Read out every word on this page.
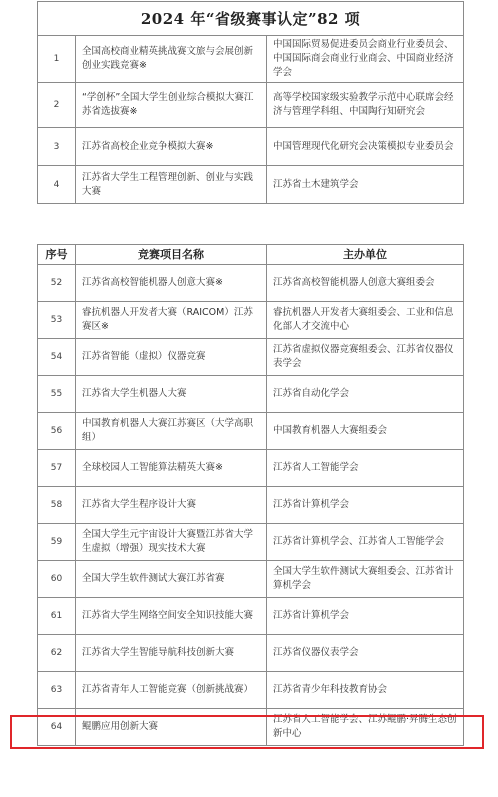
2024 年“省级赛事认定”82 项		
1	全国高校商业精英挑战赛文旅与会展创新创业实践竞赛※	中国国际贸易促进委员会商业行业委员会、中国国际商会商业行业商会、中国商业经济学会
2	“学创杯”全国大学生创业综合模拟大赛江苏省选拔赛※	高等学校国家级实验教学示范中心联席会经济与管理学科组、中国陶行知研究会
3	江苏省高校企业竞争模拟大赛※	中国管理现代化研究会决策模拟专业委员会
4	江苏省大学生工程管理创新、创业与实践大赛	江苏省土木建筑学会
序号	竞赛项目名称	主办单位
52	江苏省高校智能机器人创意大赛※	江苏省高校智能机器人创意大赛组委会
53	睿抗机器人开发者大赛（RAICOM）江苏赛区※	睿抗机器人开发者大赛组委会、工业和信息化部人才交流中心
54	江苏省智能（虚拟）仪器竞赛	江苏省虚拟仪器竞赛组委会、江苏省仪器仪表学会
55	江苏省大学生机器人大赛	江苏省自动化学会
56	中国教育机器人大赛江苏赛区（大学高职组）	中国教育机器人大赛组委会
57	全球校园人工智能算法精英大赛※	江苏省人工智能学会
58	江苏省大学生程序设计大赛	江苏省计算机学会
59	全国大学生元宇宙设计大赛暨江苏省大学生虚拟（增强）现实技术大赛	江苏省计算机学会、江苏省人工智能学会
60	全国大学生软件测试大赛江苏省赛	全国大学生软件测试大赛组委会、江苏省计算机学会
61	江苏省大学生网络空间安全知识技能大赛	江苏省计算机学会
62	江苏省大学生智能导航科技创新大赛	江苏省仪器仪表学会
63	江苏省青年人工智能竞赛（创新挑战赛）	江苏省青少年科技教育协会
64	鲲鹏应用创新大赛	江苏省人工智能学会、江苏鲲鹏·昇腾生态创新中心
